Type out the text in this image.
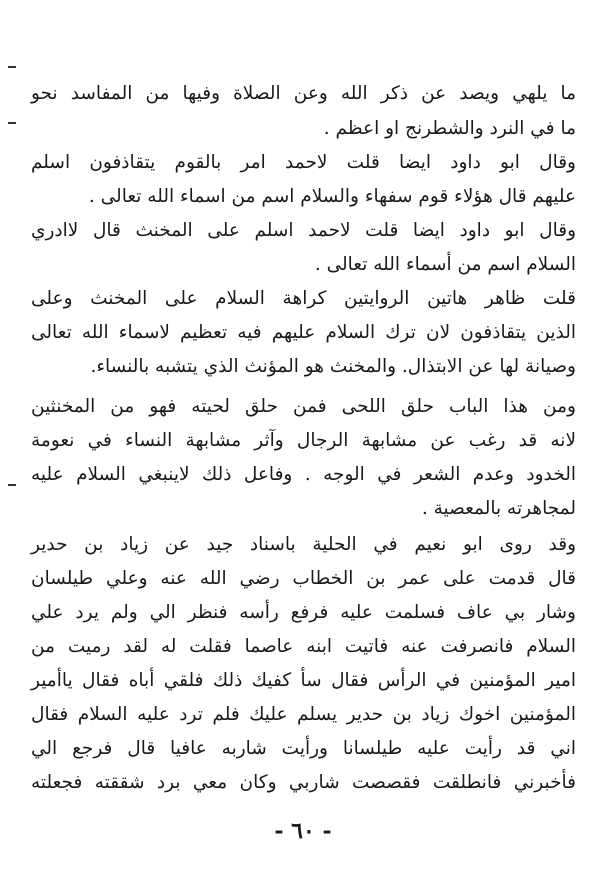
ما يلهي ويصد عن ذكر الله وعن الصلاة وفيها من المفاسد نحو
ما في النرد والشطرنج او اعظم .
وقال ابو داود ايضا قلت لاحمد امر بالقوم يتقاذفون اسلم
عليهم قال هؤلاء قوم سفهاء والسلام اسم من اسماء الله تعالى .
وقال ابو داود ايضا قلت لاحمد اسلم على المخنث قال لاادري
السلام اسم من أسماء الله تعالى .
قلت ظاهر هاتين الروايتين كراهة السلام على المخنث وعلى
الذين يتقاذفون لان ترك السلام عليهم فيه تعظيم لاسماء الله تعالى
وصيانة لها عن الابتذال. والمخنث هو المؤنث الذي يتشبه بالنساء.
ومن هذا الباب حلق اللحى فمن حلق لحيته فهو من المخنثين
لانه قد رغب عن مشابهة الرجال وآثر مشابهة النساء في نعومة
الخدود وعدم الشعر في الوجه . وفاعل ذلك لاينبغي السلام عليه
لمجاهرته بالمعصية .
وقد روى ابو نعيم في الحلية باسناد جيد عن زياد بن حدير
قال قدمت على عمر بن الخطاب رضي الله عنه وعلي طيلسان
وشار بي عاف فسلمت عليه فرفع رأسه فنظر الي ولم يرد علي
السلام فانصرفت عنه فاتيت ابنه عاصما فقلت له لقد رميت من
امير المؤمنين في الرأس فقال سأ كفيك ذلك فلقي أباه فقال ياأمير
المؤمنين اخوك زياد بن حدير يسلم عليك فلم ترد عليه السلام فقال
اني قد رأيت عليه طيلسانا ورأيت شاربه عافيا قال فرجع الي
فأخبرني فانطلقت فقصصت شاربي وكان معي برد شققته فجعلته
- ٦٠ -
